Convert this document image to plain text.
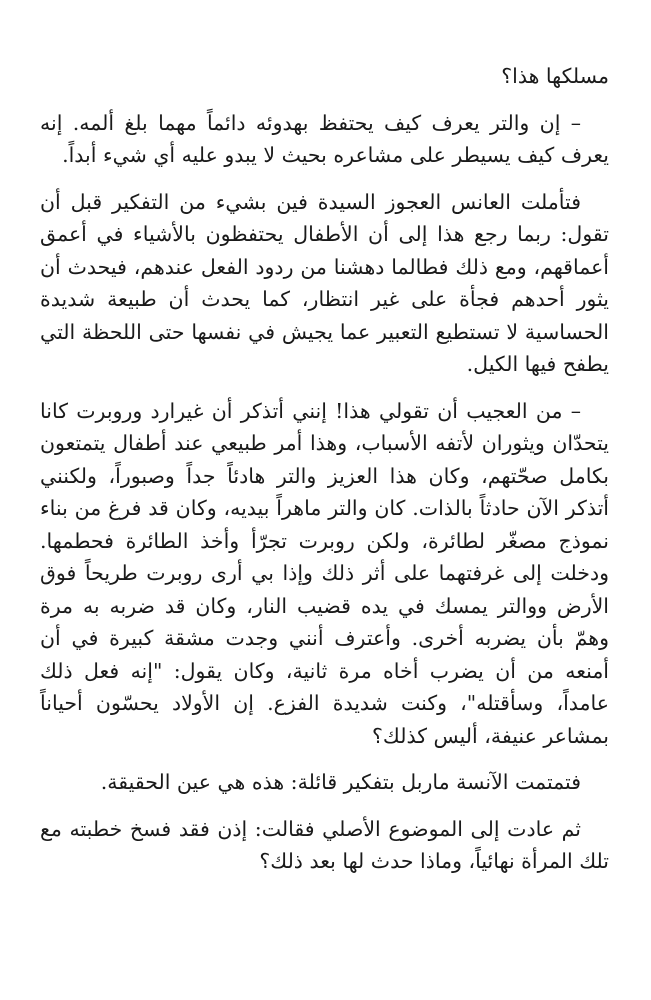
مسلكها هذا؟

– إن والتر يعرف كيف يحتفظ بهدوئه دائماً مهما بلغ ألمه. إنه يعرف كيف يسيطر على مشاعره بحيث لا يبدو عليه أي شيء أبداً.

فتأملت العانس العجوز السيدة فين بشيء من التفكير قبل أن تقول: ربما رجع هذا إلى أن الأطفال يحتفظون بالأشياء في أعمق أعماقهم، ومع ذلك فطالما دهشنا من ردود الفعل عندهم، فيحدث أن يثور أحدهم فجأة على غير انتظار، كما يحدث أن طبيعة شديدة الحساسية لا تستطيع التعبير عما يجيش في نفسها حتى اللحظة التي يطفح فيها الكيل.

– من العجيب أن تقولي هذا! إنني أتذكر أن غيرارد وروبرت كانا يتحدّان ويثوران لأتفه الأسباب، وهذا أمر طبيعي عند أطفال يتمتعون بكامل صحّتهم، وكان هذا العزيز والتر هادئاً جداً وصبوراً، ولكنني أتذكر الآن حادثاً بالذات. كان والتر ماهراً بيديه، وكان قد فرغ من بناء نموذج مصغّر لطائرة، ولكن روبرت تجرّأ وأخذ الطائرة فحطمها. ودخلت إلى غرفتهما على أثر ذلك وإذا بي أرى روبرت طريحاً فوق الأرض ووالتر يمسك في يده قضيب النار، وكان قد ضربه به مرة وهمّ بأن يضربه أخرى. وأعترف أنني وجدت مشقة كبيرة في أن أمنعه من أن يضرب أخاه مرة ثانية، وكان يقول: "إنه فعل ذلك عامداً، وسأقتله"، وكنت شديدة الفزع. إن الأولاد يحسّون أحياناً بمشاعر عنيفة، أليس كذلك؟

فتمتمت الآنسة ماربل بتفكير قائلة: هذه هي عين الحقيقة.

ثم عادت إلى الموضوع الأصلي فقالت: إذن فقد فسخ خطبته مع تلك المرأة نهائياً، وماذا حدث لها بعد ذلك؟
